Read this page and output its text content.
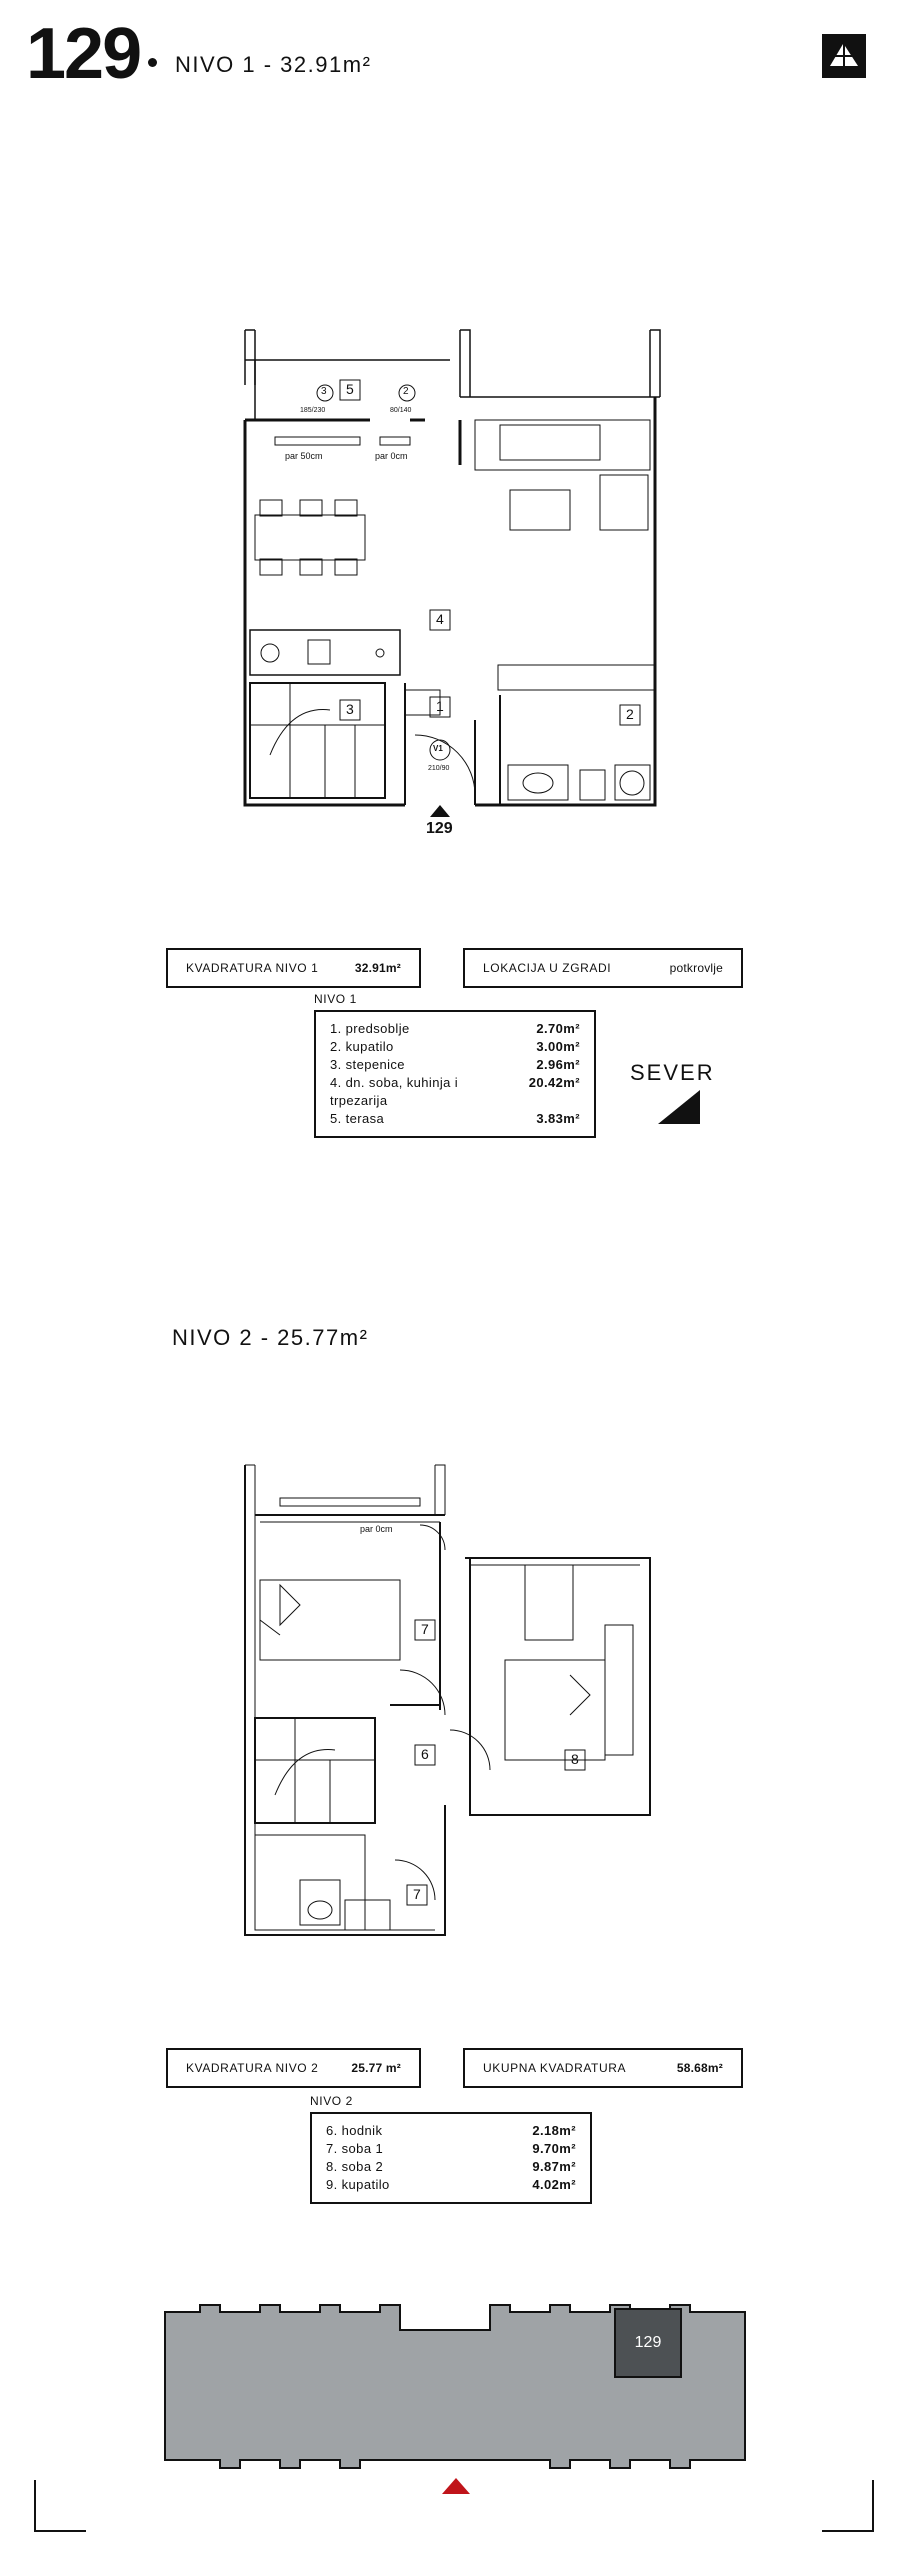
129 NIVO 1 - 32.91m²
5
4
3	1	2
3	2
185/230	80/140
par 50cm	par 0cm
V1
210/90
129
KVADRATURA NIVO 1	32.91m²	LOKACIJA U ZGRADI	potkrovlje
NIVO 1
1. predsoblje	2.70m²
2. kupatilo	3.00m²
3. stepenice	2.96m²
4. dn. soba, kuhinja i trpezarija
20.42m²
5. terasa	3.83m²
SEVER
NIVO 2 - 25.77m²
7
6	8
7
par 0cm
KVADRATURA NIVO 2	25.77 m²	UKUPNA KVADRATURA	58.68m²
NIVO 2
6. hodnik	2.18m²
7. soba 1	9.70m²
8. soba 2	9.87m²
9. kupatilo	4.02m²
129
